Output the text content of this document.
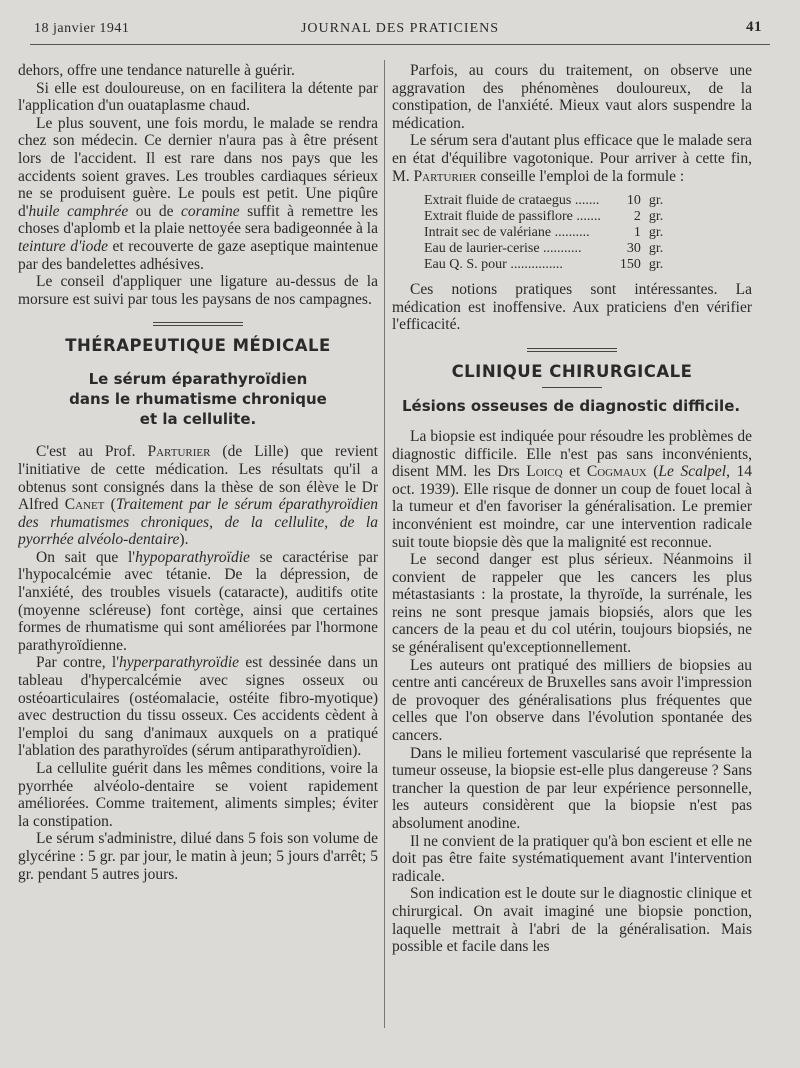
18 janvier 1941	JOURNAL DES PRATICIENS	41

dehors, offre une tendance naturelle à guérir.

Si elle est douloureuse, on en facilitera la détente par l'application d'un ouataplasme chaud.

Le plus souvent, une fois mordu, le malade se rendra chez son médecin. Ce dernier n'aura pas à être présent lors de l'accident. Il est rare dans nos pays que les accidents soient graves. Les troubles cardiaques sérieux ne se produisent guère. Le pouls est petit. Une piqûre d'huile camphrée ou de coramine suffit à remettre les choses d'aplomb et la plaie nettoyée sera badigeonnée à la teinture d'iode et recouverte de gaze aseptique maintenue par des bandelettes adhésives.

Le conseil d'appliquer une ligature au-dessus de la morsure est suivi par tous les paysans de nos campagnes.

THÉRAPEUTIQUE MÉDICALE
Le sérum éparathyroïdien
dans le rhumatisme chronique
et la cellulite.

C'est au Prof. Parturier (de Lille) que revient l'initiative de cette médication. Les résultats qu'il a obtenus sont consignés dans la thèse de son élève le Dr Alfred Canet (Traitement par le sérum éparathyroïdien des rhumatismes chroniques, de la cellulite, de la pyorrhée alvéolo-dentaire).

On sait que l'hypoparathyroïdie se caractérise par l'hypocalcémie avec tétanie. De la dépression, de l'anxiété, des troubles visuels (cataracte), auditifs otite (moyenne scléreuse) font cortège, ainsi que certaines formes de rhumatisme qui sont améliorées par l'hormone parathyroïdienne.

Par contre, l'hyperparathyroïdie est dessinée dans un tableau d'hypercalcémie avec signes osseux ou ostéoarticulaires (ostéomalacie, ostéite fibro-myotique) avec destruction du tissu osseux. Ces accidents cèdent à l'emploi du sang d'animaux auxquels on a pratiqué l'ablation des parathyroïdes (sérum antiparathyroïdien).

La cellulite guérit dans les mêmes conditions, voire la pyorrhée alvéolo-dentaire se voient rapidement améliorées. Comme traitement, aliments simples; éviter la constipation.

Le sérum s'administre, dilué dans 5 fois son volume de glycérine : 5 gr. par jour, le matin à jeun; 5 jours d'arrêt; 5 gr. pendant 5 autres jours.

Parfois, au cours du traitement, on observe une aggravation des phénomènes douloureux, de la constipation, de l'anxiété. Mieux vaut alors suspendre la médication.

Le sérum sera d'autant plus efficace que le malade sera en état d'équilibre vagotonique. Pour arriver à cette fin, M. Parturier conseille l'emploi de la formule :

Extrait fluide de crataegus .......	10	gr.
Extrait fluide de passiflore .......	2	gr.
Intrait sec de valériane ..........	1	gr.
Eau de laurier-cerise ...........	30	gr.
Eau Q. S. pour ...............	150	gr.

Ces notions pratiques sont intéressantes. La médication est inoffensive. Aux praticiens d'en vérifier l'efficacité.

CLINIQUE CHIRURGICALE
Lésions osseuses de diagnostic difficile.

La biopsie est indiquée pour résoudre les problèmes de diagnostic difficile. Elle n'est pas sans inconvénients, disent MM. les Drs Loicq et Cogmaux (Le Scalpel, 14 oct. 1939). Elle risque de donner un coup de fouet local à la tumeur et d'en favoriser la généralisation. Le premier inconvénient est moindre, car une intervention radicale suit toute biopsie dès que la malignité est reconnue.

Le second danger est plus sérieux. Néanmoins il convient de rappeler que les cancers les plus métastasiants : la prostate, la thyroïde, la surrénale, les reins ne sont presque jamais biopsiés, alors que les cancers de la peau et du col utérin, toujours biopsiés, ne se généralisent qu'exceptionnellement.

Les auteurs ont pratiqué des milliers de biopsies au centre anti cancéreux de Bruxelles sans avoir l'impression de provoquer des généralisations plus fréquentes que celles que l'on observe dans l'évolution spontanée des cancers.

Dans le milieu fortement vascularisé que représente la tumeur osseuse, la biopsie est-elle plus dangereuse ? Sans trancher la question de par leur expérience personnelle, les auteurs considèrent que la biopsie n'est pas absolument anodine.

Il ne convient de la pratiquer qu'à bon escient et elle ne doit pas être faite systématiquement avant l'intervention radicale.

Son indication est le doute sur le diagnostic clinique et chirurgical. On avait imaginé une biopsie ponction, laquelle mettrait à l'abri de la généralisation. Mais possible et facile dans les
